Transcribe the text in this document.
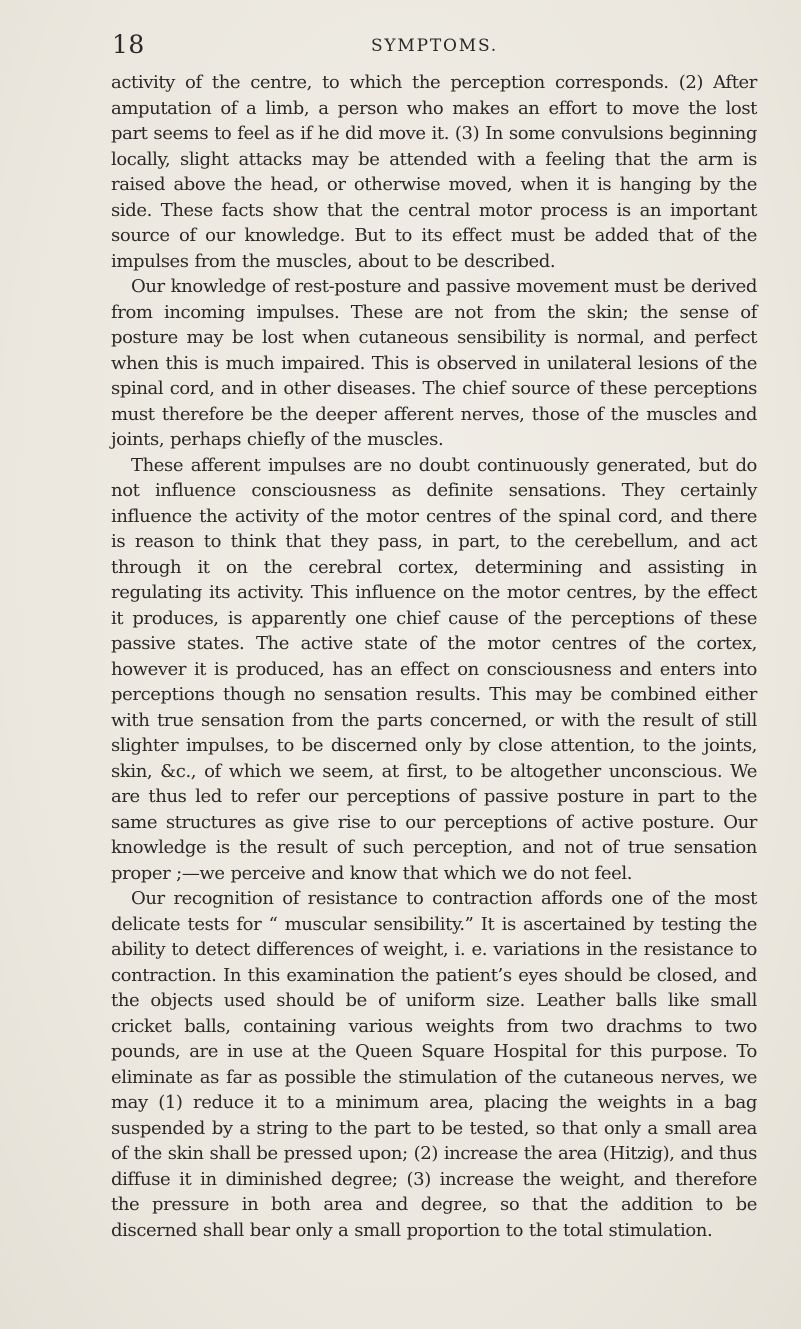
18	SYMPTOMS.

activity of the centre, to which the perception corresponds. (2) After amputation of a limb, a person who makes an effort to move the lost part seems to feel as if he did move it. (3) In some convulsions beginning locally, slight attacks may be attended with a feeling that the arm is raised above the head, or otherwise moved, when it is hanging by the side. These facts show that the central motor process is an important source of our knowledge. But to its effect must be added that of the impulses from the muscles, about to be described.

Our knowledge of rest-posture and passive movement must be derived from incoming impulses. These are not from the skin; the sense of posture may be lost when cutaneous sensibility is normal, and perfect when this is much impaired. This is observed in unilateral lesions of the spinal cord, and in other diseases. The chief source of these perceptions must therefore be the deeper afferent nerves, those of the muscles and joints, perhaps chiefly of the muscles.

These afferent impulses are no doubt continuously generated, but do not influence consciousness as definite sensations. They certainly influence the activity of the motor centres of the spinal cord, and there is reason to think that they pass, in part, to the cerebellum, and act through it on the cerebral cortex, determining and assisting in regulating its activity. This influence on the motor centres, by the effect it produces, is apparently one chief cause of the perceptions of these passive states. The active state of the motor centres of the cortex, however it is produced, has an effect on consciousness and enters into perceptions though no sensation results. This may be combined either with true sensation from the parts concerned, or with the result of still slighter impulses, to be discerned only by close attention, to the joints, skin, &c., of which we seem, at first, to be altogether unconscious. We are thus led to refer our perceptions of passive posture in part to the same structures as give rise to our perceptions of active posture. Our knowledge is the result of such perception, and not of true sensation proper ;—we perceive and know that which we do not feel.

Our recognition of resistance to contraction affords one of the most delicate tests for “ muscular sensibility.” It is ascertained by testing the ability to detect differences of weight, i. e. variations in the resistance to contraction. In this examination the patient’s eyes should be closed, and the objects used should be of uniform size. Leather balls like small cricket balls, containing various weights from two drachms to two pounds, are in use at the Queen Square Hospital for this purpose. To eliminate as far as possible the stimulation of the cutaneous nerves, we may (1) reduce it to a minimum area, placing the weights in a bag suspended by a string to the part to be tested, so that only a small area of the skin shall be pressed upon; (2) increase the area (Hitzig), and thus diffuse it in diminished degree; (3) increase the weight, and therefore the pressure in both area and degree, so that the addition to be discerned shall bear only a small proportion to the total stimulation.
